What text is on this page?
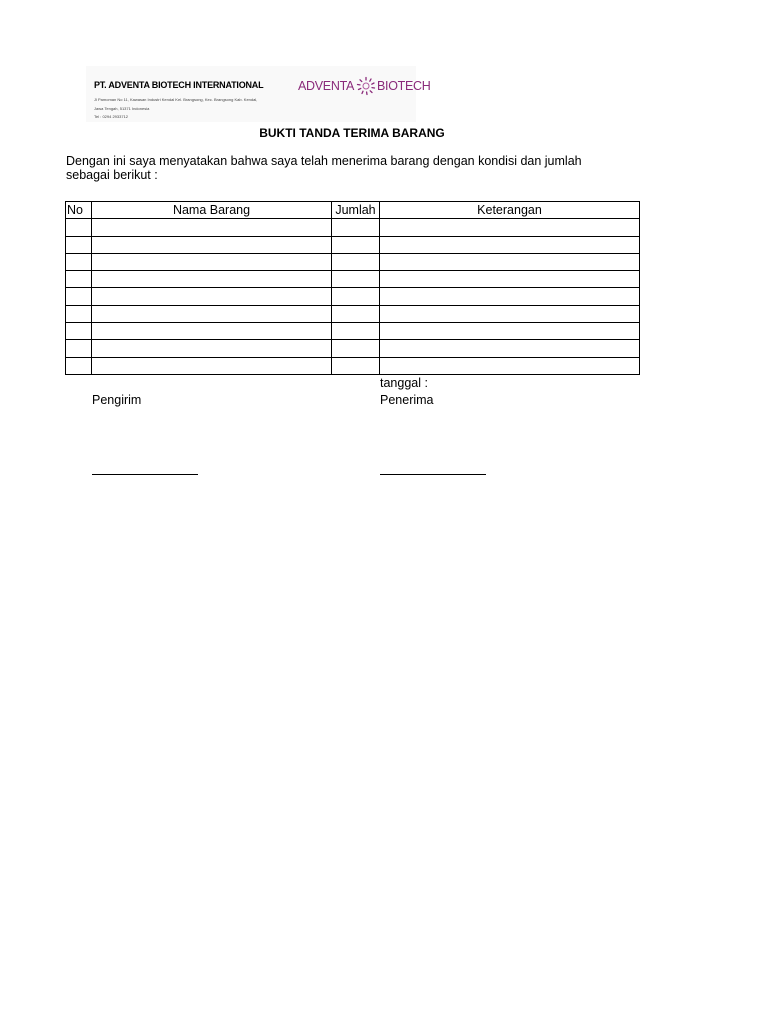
PT. ADVENTA BIOTECH INTERNATIONAL
Jl Pamoman No 11, Kawasan Industri Kendal Kel. Brangsong, Kec. Brangsong Kab. Kendal,
Jawa Tengah, 51371 Indonesia
Tel : 0294 2933712
ADVENTA BIOTECH
BUKTI TANDA TERIMA BARANG
Dengan ini saya menyatakan bahwa saya telah menerima barang dengan kondisi dan jumlah
sebagai berikut :
No	Nama Barang	Jumlah	Keterangan

tanggal :
Pengirim	Penerima
